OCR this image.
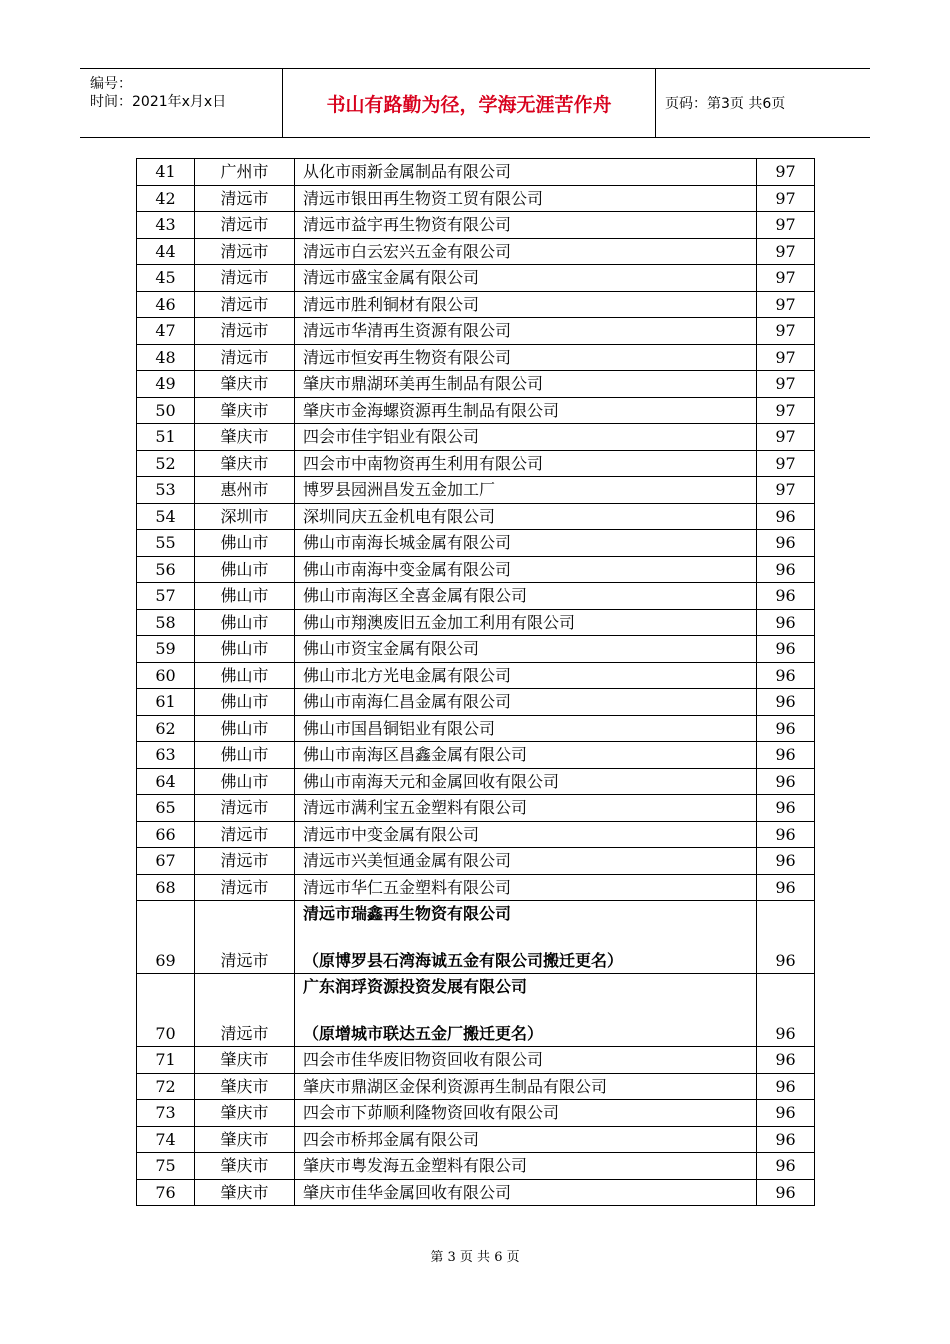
编号：
时间：2021年x月x日	书山有路勤为径，学海无涯苦作舟	页码：第3页 共6页
41	广州市	从化市雨新金属制品有限公司	97
42	清远市	清远市银田再生物资工贸有限公司	97
43	清远市	清远市益宇再生物资有限公司	97
44	清远市	清远市白云宏兴五金有限公司	97
45	清远市	清远市盛宝金属有限公司	97
46	清远市	清远市胜利铜材有限公司	97
47	清远市	清远市华清再生资源有限公司	97
48	清远市	清远市恒安再生物资有限公司	97
49	肇庆市	肇庆市鼎湖环美再生制品有限公司	97
50	肇庆市	肇庆市金海螺资源再生制品有限公司	97
51	肇庆市	四会市佳宇铝业有限公司	97
52	肇庆市	四会市中南物资再生利用有限公司	97
53	惠州市	博罗县园洲昌发五金加工厂	97
54	深圳市	深圳同庆五金机电有限公司	96
55	佛山市	佛山市南海长城金属有限公司	96
56	佛山市	佛山市南海中变金属有限公司	96
57	佛山市	佛山市南海区全喜金属有限公司	96
58	佛山市	佛山市翔澳废旧五金加工利用有限公司	96
59	佛山市	佛山市资宝金属有限公司	96
60	佛山市	佛山市北方光电金属有限公司	96
61	佛山市	佛山市南海仁昌金属有限公司	96
62	佛山市	佛山市国昌铜铝业有限公司	96
63	佛山市	佛山市南海区昌鑫金属有限公司	96
64	佛山市	佛山市南海天元和金属回收有限公司	96
65	清远市	清远市满利宝五金塑料有限公司	96
66	清远市	清远市中变金属有限公司	96
67	清远市	清远市兴美恒通金属有限公司	96
68	清远市	清远市华仁五金塑料有限公司	96
69	清远市	清远市瑞鑫再生物资有限公司
（原博罗县石湾海诚五金有限公司搬迁更名）	96
70	清远市	广东润琈资源投资发展有限公司
（原增城市联达五金厂搬迁更名）	96
71	肇庆市	四会市佳华废旧物资回收有限公司	96
72	肇庆市	肇庆市鼎湖区金保利资源再生制品有限公司	96
73	肇庆市	四会市下茆顺利隆物资回收有限公司	96
74	肇庆市	四会市桥邦金属有限公司	96
75	肇庆市	肇庆市粤发海五金塑料有限公司	96
76	肇庆市	肇庆市佳华金属回收有限公司	96
第 3 页 共 6 页
